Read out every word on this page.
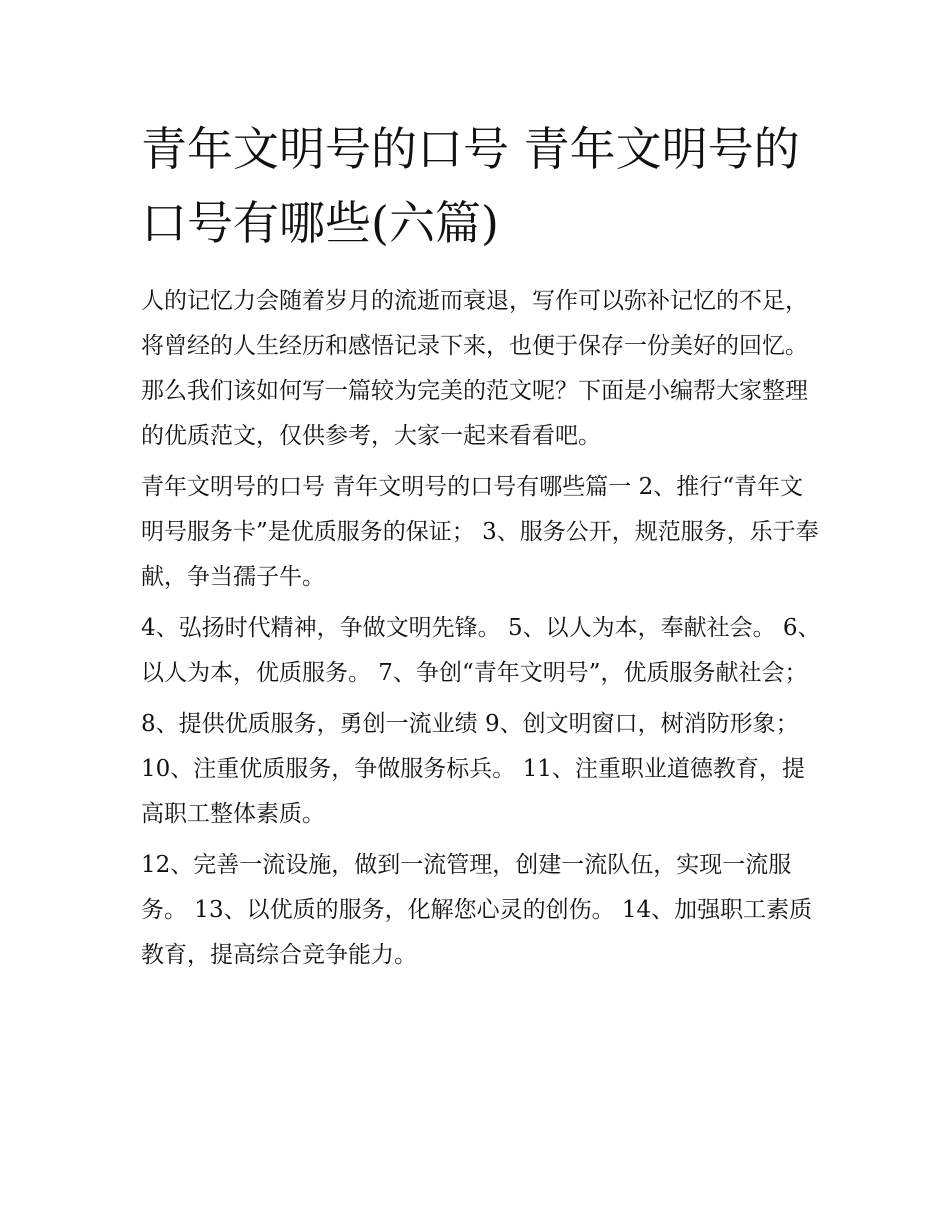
青年文明号的口号 青年文明号的口号有哪些(六篇)

人的记忆力会随着岁月的流逝而衰退，写作可以弥补记忆的不足，将曾经的人生经历和感悟记录下来，也便于保存一份美好的回忆。那么我们该如何写一篇较为完美的范文呢？下面是小编帮大家整理的优质范文，仅供参考，大家一起来看看吧。

青年文明号的口号 青年文明号的口号有哪些篇一 2、推行“青年文明号服务卡”是优质服务的保证； 3、服务公开，规范服务，乐于奉献，争当孺子牛。

4、弘扬时代精神，争做文明先锋。 5、以人为本，奉献社会。 6、以人为本，优质服务。 7、争创“青年文明号”，优质服务献社会；

8、提供优质服务，勇创一流业绩 9、创文明窗口，树消防形象； 10、注重优质服务，争做服务标兵。 11、注重职业道德教育，提高职工整体素质。

12、完善一流设施，做到一流管理，创建一流队伍，实现一流服务。 13、以优质的服务，化解您心灵的创伤。 14、加强职工素质教育，提高综合竞争能力。
